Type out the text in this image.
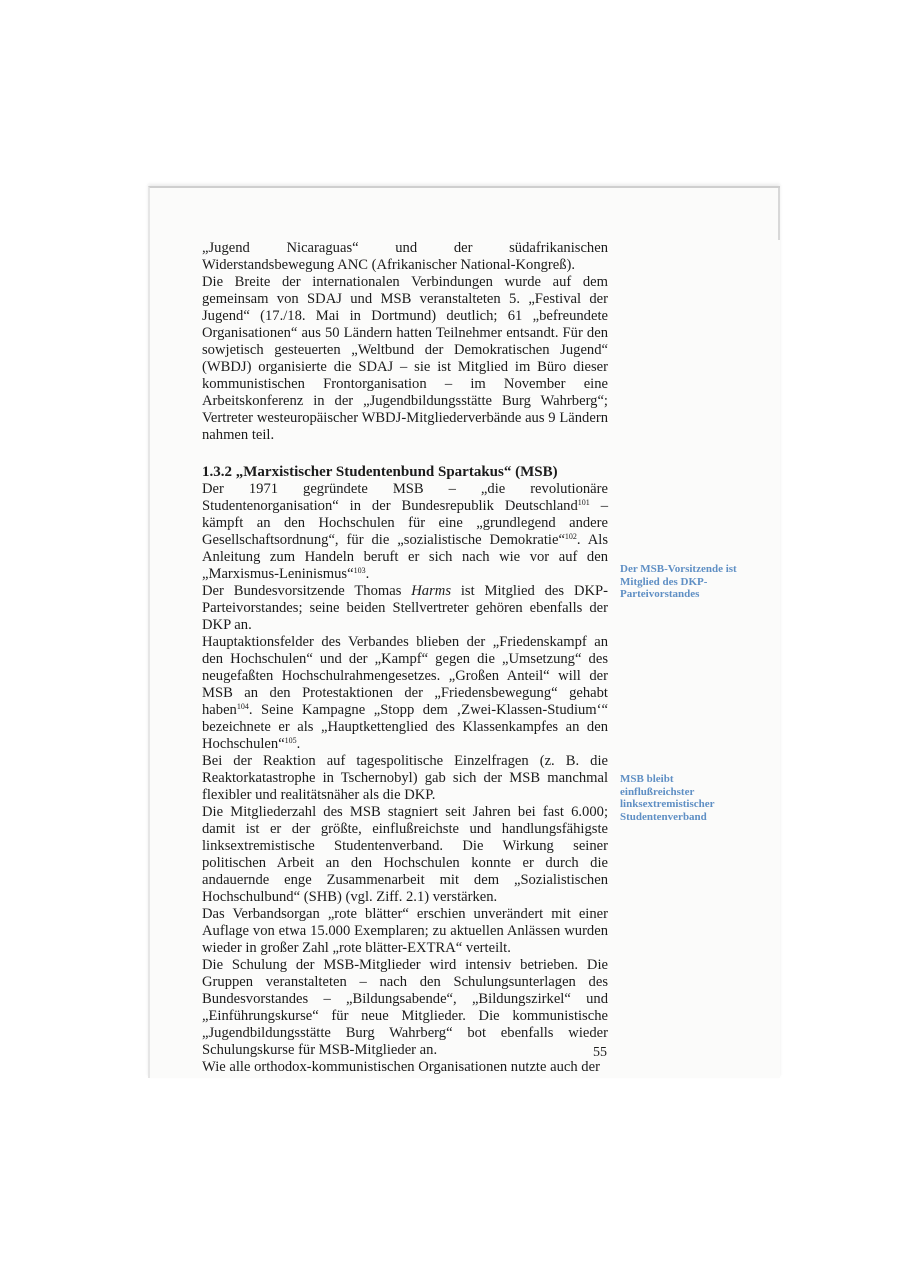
„Jugend Nicaraguas“ und der südafrikanischen Widerstandsbewegung ANC (Afrikanischer National-Kongreß).

Die Breite der internationalen Verbindungen wurde auf dem gemeinsam von SDAJ und MSB veranstalteten 5. „Festival der Jugend“ (17./18. Mai in Dortmund) deutlich; 61 „befreundete Organisationen“ aus 50 Ländern hatten Teilnehmer entsandt. Für den sowjetisch gesteuerten „Weltbund der Demokratischen Jugend“ (WBDJ) organisierte die SDAJ – sie ist Mitglied im Büro dieser kommunistischen Frontorganisation – im November eine Arbeitskonferenz in der „Jugendbildungsstätte Burg Wahrberg“; Vertreter westeuropäischer WBDJ-Mitgliederverbände aus 9 Ländern nahmen teil.

1.3.2 „Marxistischer Studentenbund Spartakus“ (MSB)

Der 1971 gegründete MSB – „die revolutionäre Studentenorganisation“ in der Bundesrepublik Deutschland$^{101}$ – kämpft an den Hochschulen für eine „grundlegend andere Gesellschaftsordnung“, für die „sozialistische Demokratie“$^{102}$. Als Anleitung zum Handeln beruft er sich nach wie vor auf den „Marxismus-Leninismus“$^{103}$.

Der Bundesvorsitzende Thomas Harms ist Mitglied des DKP-Parteivorstandes; seine beiden Stellvertreter gehören ebenfalls der DKP an.

Hauptaktionsfelder des Verbandes blieben der „Friedenskampf an den Hochschulen“ und der „Kampf“ gegen die „Umsetzung“ des neugefaßten Hochschulrahmengesetzes. „Großen Anteil“ will der MSB an den Protestaktionen der „Friedensbewegung“ gehabt haben$^{104}$. Seine Kampagne „Stopp dem ‚Zwei-Klassen-Studium‘“ bezeichnete er als „Hauptkettenglied des Klassenkampfes an den Hochschulen“$^{105}$.

Bei der Reaktion auf tagespolitische Einzelfragen (z. B. die Reaktorkatastrophe in Tschernobyl) gab sich der MSB manchmal flexibler und realitätsnäher als die DKP.

Die Mitgliederzahl des MSB stagniert seit Jahren bei fast 6.000; damit ist er der größte, einflußreichste und handlungsfähigste linksextremistische Studentenverband. Die Wirkung seiner politischen Arbeit an den Hochschulen konnte er durch die andauernde enge Zusammenarbeit mit dem „Sozialistischen Hochschulbund“ (SHB) (vgl. Ziff. 2.1) verstärken.

Das Verbandsorgan „rote blätter“ erschien unverändert mit einer Auflage von etwa 15.000 Exemplaren; zu aktuellen Anlässen wurden wieder in großer Zahl „rote blätter-EXTRA“ verteilt.

Die Schulung der MSB-Mitglieder wird intensiv betrieben. Die Gruppen veranstalteten – nach den Schulungsunterlagen des Bundesvorstandes – „Bildungsabende“, „Bildungszirkel“ und „Einführungskurse“ für neue Mitglieder. Die kommunistische „Jugendbildungsstätte Burg Wahrberg“ bot ebenfalls wieder Schulungskurse für MSB-Mitglieder an.

Wie alle orthodox-kommunistischen Organisationen nutzte auch der

Der MSB-Vorsitzende ist Mitglied des DKP-Parteivorstandes
MSB bleibt einflußreichster linksextremistischer Studentenverband
55
